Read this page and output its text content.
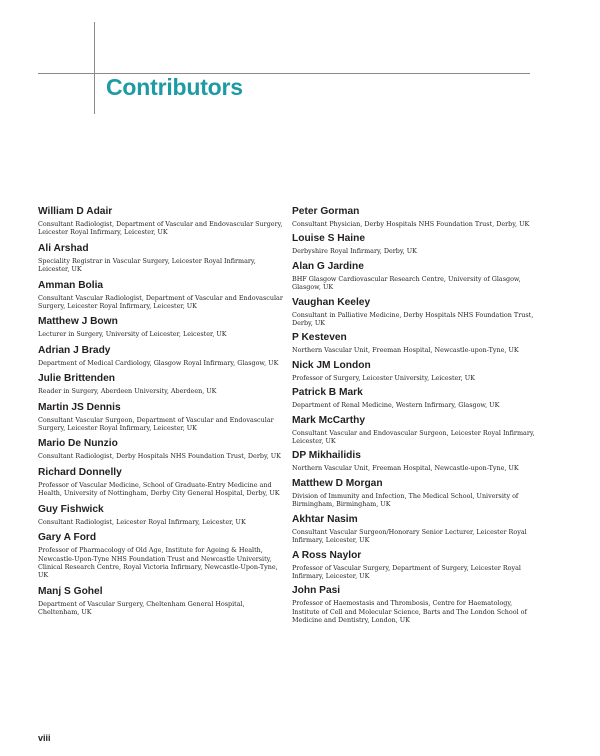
Contributors

William D Adair

Consultant Radiologist, Department of Vascular and Endovascular Surgery, Leicester Royal Infirmary, Leicester, UK

Ali Arshad

Speciality Registrar in Vascular Surgery, Leicester Royal Infirmary, Leicester, UK

Amman Bolia

Consultant Vascular Radiologist, Department of Vascular and Endovascular Surgery, Leicester Royal Infirmary, Leicester, UK

Matthew J Bown

Lecturer in Surgery, University of Leicester, Leicester, UK

Adrian J Brady

Department of Medical Cardiology, Glasgow Royal Infirmary, Glasgow, UK

Julie Brittenden

Reader in Surgery, Aberdeen University, Aberdeen, UK

Martin JS Dennis

Consultant Vascular Surgeon, Department of Vascular and Endovascular Surgery, Leicester Royal Infirmary, Leicester, UK

Mario De Nunzio

Consultant Radiologist, Derby Hospitals NHS Foundation Trust, Derby, UK

Richard Donnelly

Professor of Vascular Medicine, School of Graduate-Entry Medicine and Health, University of Nottingham, Derby City General Hospital, Derby, UK

Guy Fishwick

Consultant Radiologist, Leicester Royal Infirmary, Leicester, UK

Gary A Ford

Professor of Pharmacology of Old Age, Institute for Ageing & Health, Newcastle-Upon-Tyne NHS Foundation Trust and Newcastle University, Clinical Research Centre, Royal Victoria Infirmary, Newcastle-Upon-Tyne, UK

Manj S Gohel

Department of Vascular Surgery, Cheltenham General Hospital, Cheltenham, UK

Peter Gorman

Consultant Physician, Derby Hospitals NHS Foundation Trust, Derby, UK

Louise S Haine

Derbyshire Royal Infirmary, Derby, UK

Alan G Jardine

BHF Glasgow Cardiovascular Research Centre, University of Glasgow, Glasgow, UK

Vaughan Keeley

Consultant in Palliative Medicine, Derby Hospitals NHS Foundation Trust, Derby, UK

P Kesteven

Northern Vascular Unit, Freeman Hospital, Newcastle-upon-Tyne, UK

Nick JM London

Professor of Surgery, Leicester University, Leicester, UK

Patrick B Mark

Department of Renal Medicine, Western Infirmary, Glasgow, UK

Mark McCarthy

Consultant Vascular and Endovascular Surgeon, Leicester Royal Infirmary, Leicester, UK

DP Mikhailidis

Northern Vascular Unit, Freeman Hospital, Newcastle-upon-Tyne, UK

Matthew D Morgan

Division of Immunity and Infection, The Medical School, University of Birmingham, Birmingham, UK

Akhtar Nasim

Consultant Vascular Surgeon/Honorary Senior Lecturer, Leicester Royal Infirmary, Leicester, UK

A Ross Naylor

Professor of Vascular Surgery, Department of Surgery, Leicester Royal Infirmary, Leicester, UK

John Pasi

Professor of Haemostasis and Thrombosis, Centre for Haematology, Institute of Cell and Molecular Science, Barts and The London School of Medicine and Dentistry, London, UK

viii
